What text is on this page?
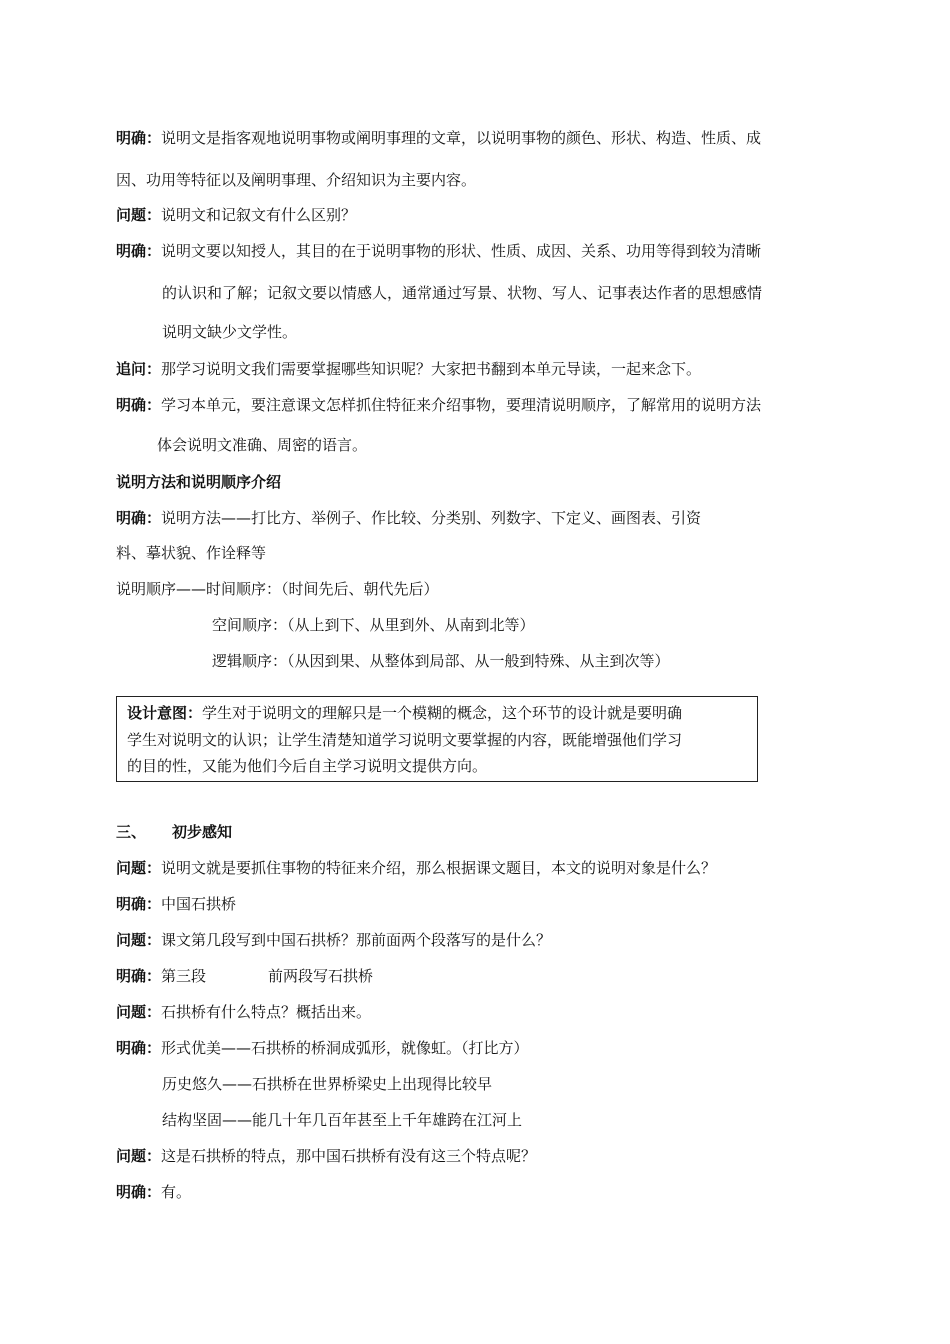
明确：说明文是指客观地说明事物或阐明事理的文章，以说明事物的颜色、形状、构造、性质、成
因、功用等特征以及阐明事理、介绍知识为主要内容。
问题：说明文和记叙文有什么区别？
明确：说明文要以知授人，其目的在于说明事物的形状、性质、成因、关系、功用等得到较为清晰
的认识和了解；记叙文要以情感人，通常通过写景、状物、写人、记事表达作者的思想感情
说明文缺少文学性。
追问：那学习说明文我们需要掌握哪些知识呢？大家把书翻到本单元导读，一起来念下。
明确：学习本单元，要注意课文怎样抓住特征来介绍事物，要理清说明顺序，了解常用的说明方法
体会说明文准确、周密的语言。
说明方法和说明顺序介绍
明确：说明方法——打比方、举例子、作比较、分类别、列数字、下定义、画图表、引资
料、摹状貌、作诠释等
说明顺序——时间顺序：（时间先后、朝代先后）
空间顺序：（从上到下、从里到外、从南到北等）
逻辑顺序：（从因到果、从整体到局部、从一般到特殊、从主到次等）
设计意图：学生对于说明文的理解只是一个模糊的概念，这个环节的设计就是要明确
学生对说明文的认识；让学生清楚知道学习说明文要掌握的内容，既能增强他们学习
的目的性，又能为他们今后自主学习说明文提供方向。
三、 初步感知
问题：说明文就是要抓住事物的特征来介绍，那么根据课文题目，本文的说明对象是什么？
明确：中国石拱桥
问题：课文第几段写到中国石拱桥？那前面两个段落写的是什么？
明确：第三段	前两段写石拱桥
问题：石拱桥有什么特点？概括出来。
明确：形式优美——石拱桥的桥洞成弧形，就像虹。（打比方）
历史悠久——石拱桥在世界桥梁史上出现得比较早
结构坚固——能几十年几百年甚至上千年雄跨在江河上
问题：这是石拱桥的特点，那中国石拱桥有没有这三个特点呢？
明确：有。
